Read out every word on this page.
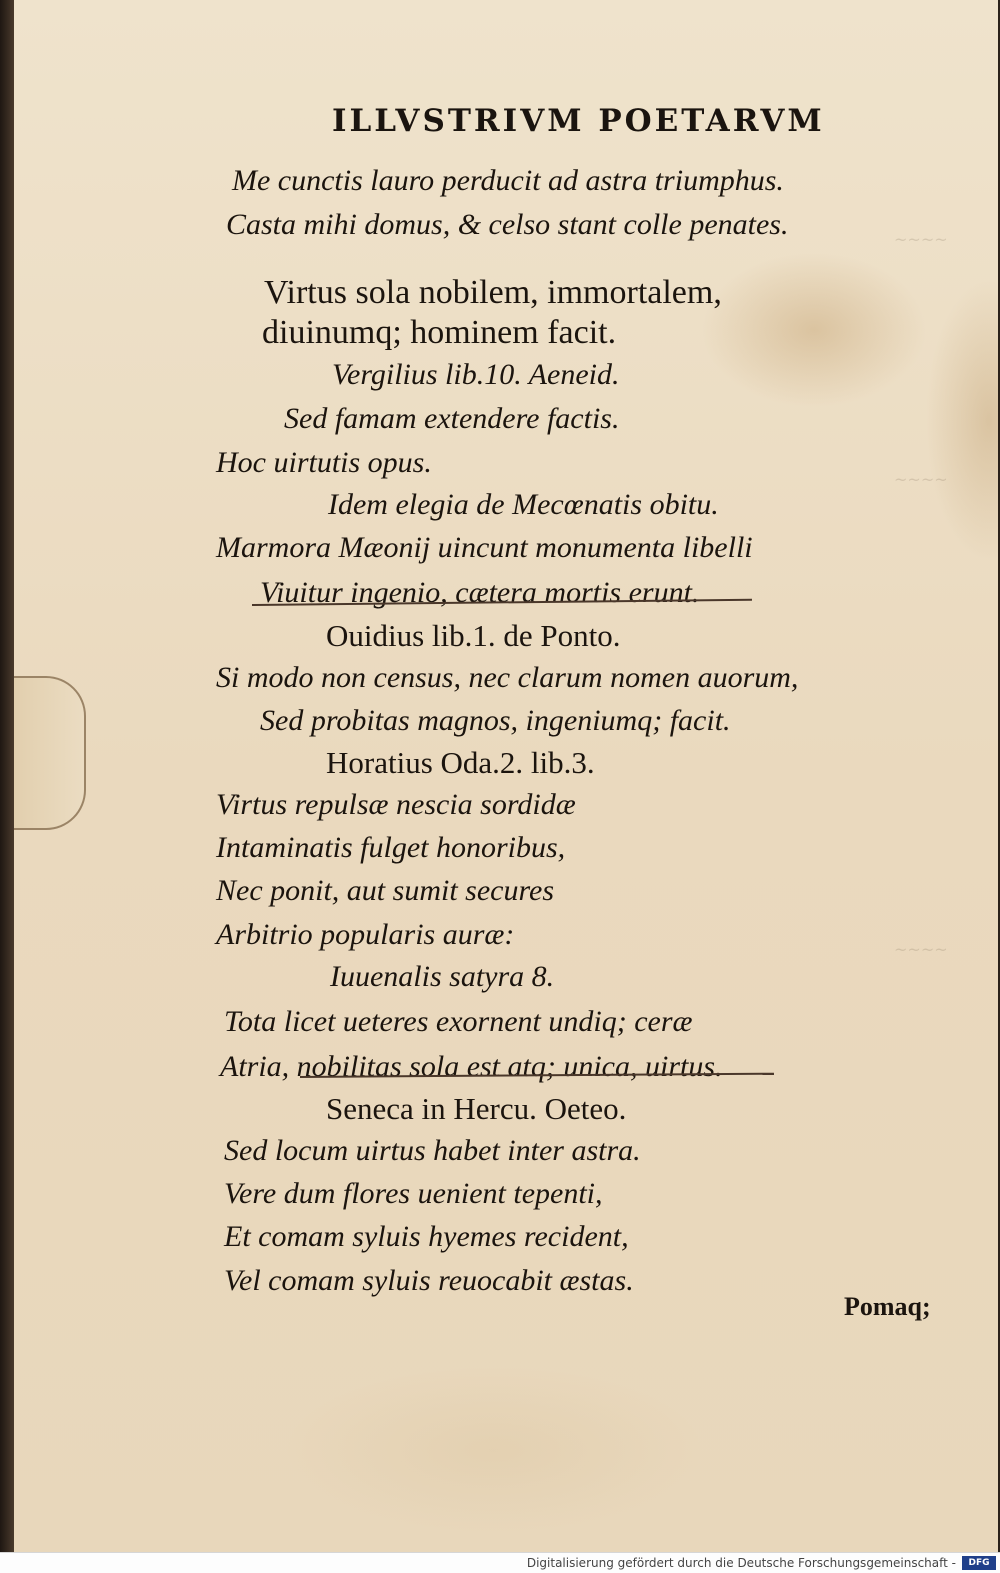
~~~~
~~~~
~~~~
ILLVSTRIVM POETARVM
Me cunctis lauro perducit ad astra triumphus.
Casta mihi domus, & celso stant colle penates.
Virtus sola nobilem, immortalem,
diuinumq; hominem facit.
Vergilius lib.10. Aeneid.
Sed famam extendere factis.
Hoc uirtutis opus.
Idem elegia de Mecœnatis obitu.
Marmora Mæonij uincunt monumenta libelli
Viuitur ingenio, cætera mortis erunt.
Ouidius lib.1. de Ponto.
Si modo non census, nec clarum nomen auorum,
Sed probitas magnos, ingeniumq; facit.
Horatius Oda.2. lib.3.
Virtus repulsæ nescia sordidæ
Intaminatis fulget honoribus,
Nec ponit, aut sumit secures
Arbitrio popularis auræ:
Iuuenalis satyra 8.
Tota licet ueteres exornent undiq; ceræ
Atria, nobilitas sola est atq; unica, uirtus.
Seneca in Hercu. Oeteo.
Sed locum uirtus habet inter astra.
Vere dum flores uenient tepenti,
Et comam syluis hyemes recident,
Vel comam syluis reuocabit æstas.
Pomaq;
Digitalisierung gefördert durch die Deutsche Forschungsgemeinschaft -	DFG
